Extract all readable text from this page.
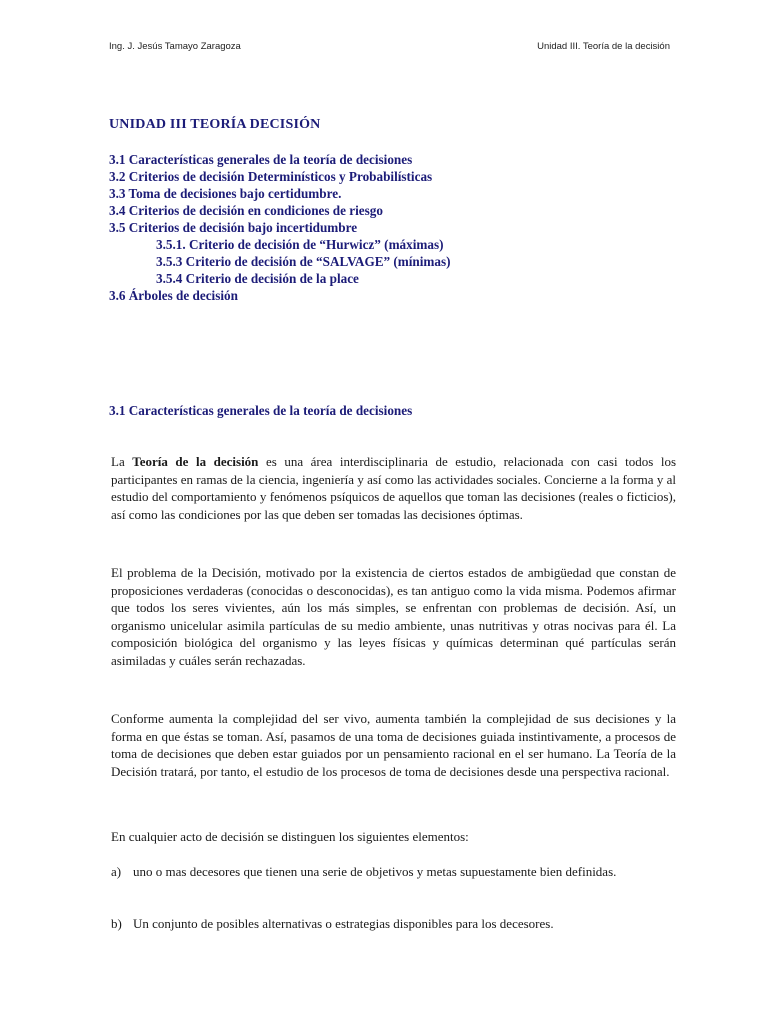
Ing. J. Jesús Tamayo Zaragoza	Unidad III. Teoría de la decisión
UNIDAD III TEORÍA DECISIÓN
3.1 Características generales de la teoría de decisiones
3.2 Criterios de decisión Determinísticos y Probabilísticas
3.3 Toma de decisiones bajo certidumbre.
3.4 Criterios de decisión en condiciones de riesgo
3.5 Criterios de decisión bajo incertidumbre
3.5.1. Criterio de decisión de “Hurwicz” (máximas)
3.5.3 Criterio de decisión de “SALVAGE” (mínimas)
3.5.4 Criterio de decisión de la place
3.6 Árboles de decisión
3.1 Características generales de la teoría de decisiones

La Teoría de la decisión es una área interdisciplinaria de estudio, relacionada con casi todos los participantes en ramas de la ciencia, ingeniería y así como las actividades sociales. Concierne a la forma y al estudio del comportamiento y fenómenos psíquicos de aquellos que toman las decisiones (reales o ficticios), así como las condiciones por las que deben ser tomadas las decisiones óptimas.

El problema de la Decisión, motivado por la existencia de ciertos estados de ambigüedad que constan de proposiciones verdaderas (conocidas o desconocidas), es tan antiguo como la vida misma. Podemos afirmar que todos los seres vivientes, aún los más simples, se enfrentan con problemas de decisión. Así, un organismo unicelular asimila partículas de su medio ambiente, unas nutritivas y otras nocivas para él. La composición biológica del organismo y las leyes físicas y químicas determinan qué partículas serán asimiladas y cuáles serán rechazadas.

Conforme aumenta la complejidad del ser vivo, aumenta también la complejidad de sus decisiones y la forma en que éstas se toman. Así, pasamos de una toma de decisiones guiada instintivamente, a procesos de toma de decisiones que deben estar guiados por un pensamiento racional en el ser humano. La Teoría de la Decisión tratará, por tanto, el estudio de los procesos de toma de decisiones desde una perspectiva racional.

En cualquier acto de decisión se distinguen los siguientes elementos:

a) uno o mas decesores que tienen una serie de objetivos y metas supuestamente bien definidas.
b) Un conjunto de posibles alternativas o estrategias disponibles para los decesores.
